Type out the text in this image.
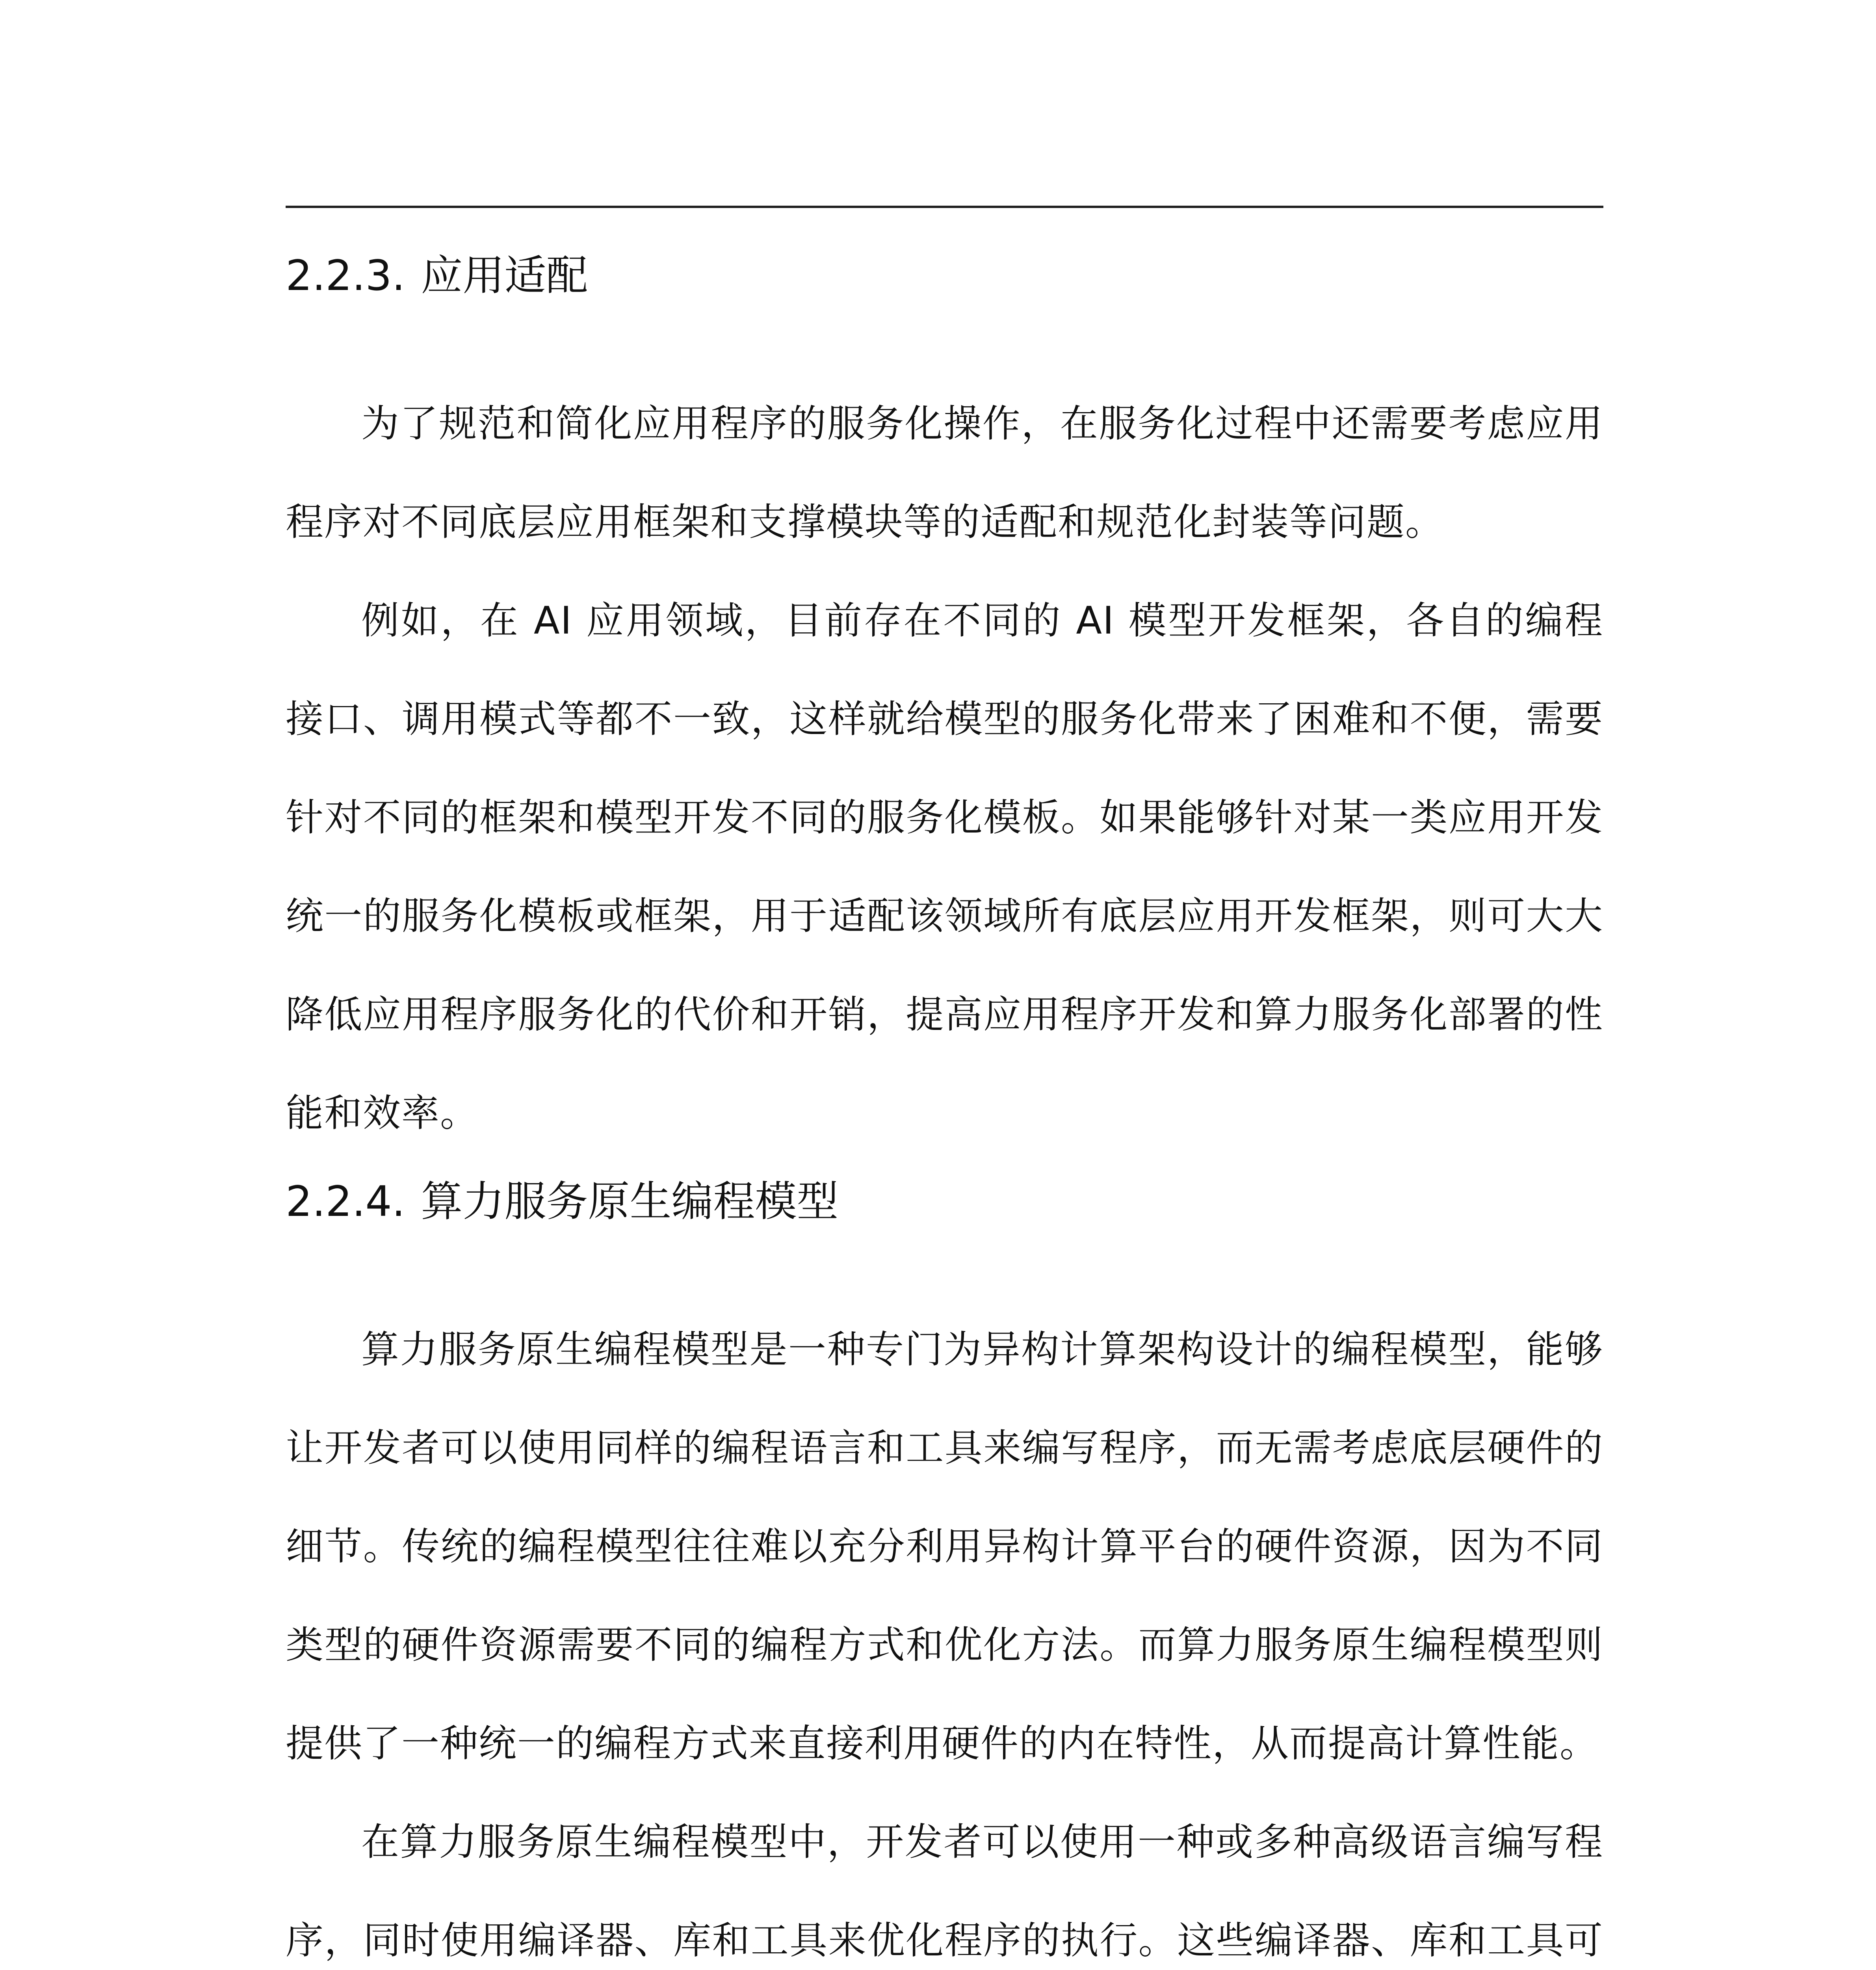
2.2.3. 应用适配

为了规范和简化应用程序的服务化操作，在服务化过程中还需要考虑应用程序对不同底层应用框架和支撑模块等的适配和规范化封装等问题。

例如，在 AI 应用领域，目前存在不同的 AI 模型开发框架，各自的编程接口、调用模式等都不一致，这样就给模型的服务化带来了困难和不便，需要针对不同的框架和模型开发不同的服务化模板。如果能够针对某一类应用开发统一的服务化模板或框架，用于适配该领域所有底层应用开发框架，则可大大降低应用程序服务化的代价和开销，提高应用程序开发和算力服务化部署的性能和效率。

2.2.4. 算力服务原生编程模型

算力服务原生编程模型是一种专门为异构计算架构设计的编程模型，能够让开发者可以使用同样的编程语言和工具来编写程序，而无需考虑底层硬件的细节。传统的编程模型往往难以充分利用异构计算平台的硬件资源，因为不同类型的硬件资源需要不同的编程方式和优化方法。而算力服务原生编程模型则提供了一种统一的编程方式来直接利用硬件的内在特性，从而提高计算性能。

在算力服务原生编程模型中，开发者可以使用一种或多种高级语言编写程序，同时使用编译器、库和工具来优化程序的执行。这些编译器、库和工具可
